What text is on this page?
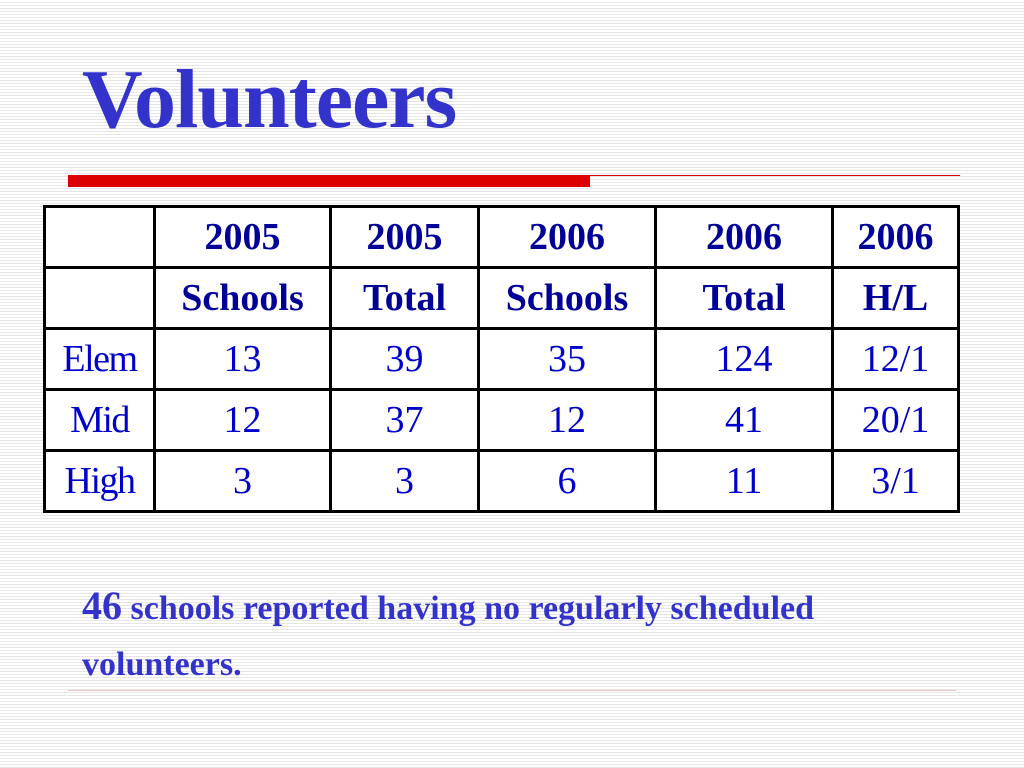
Volunteers
	2005	2005	2006	2006	2006
	Schools	Total	Schools	Total	H/L
Elem	13	39	35	124	12/1
Mid	12	37	12	41	20/1
High	3	3	6	11	3/1

46 schools reported having no regularly scheduled volunteers.
